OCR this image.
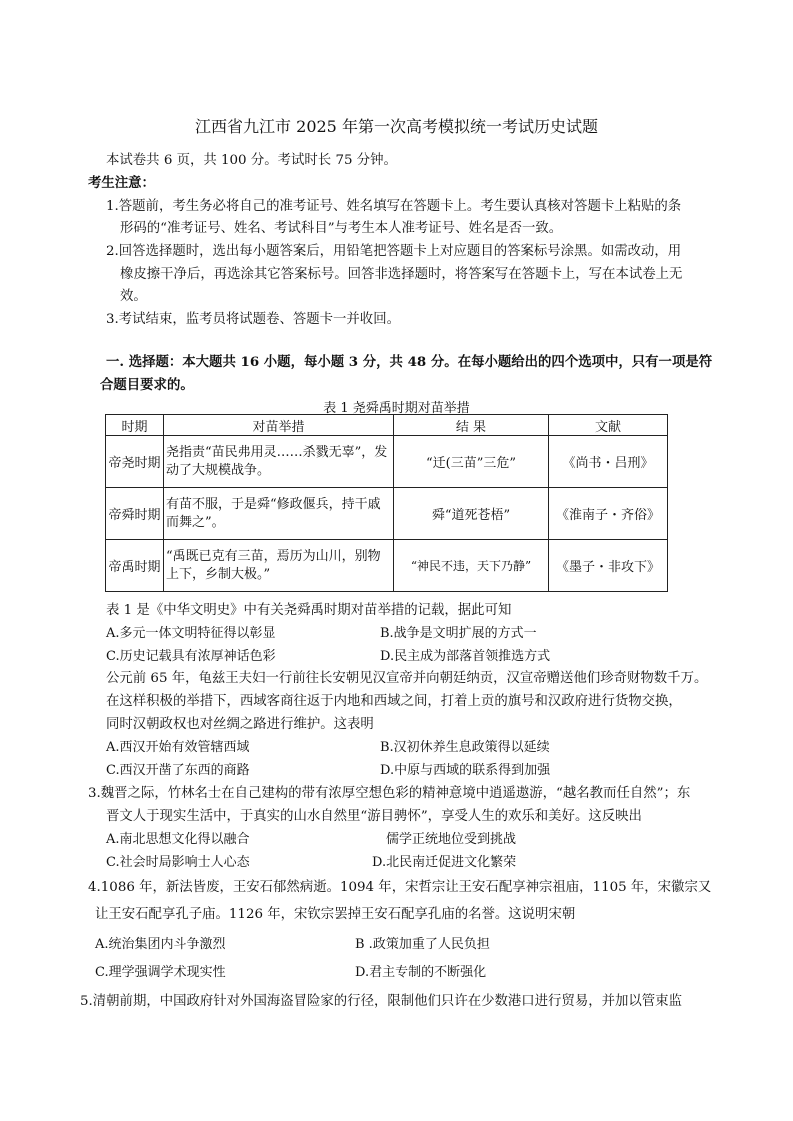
江西省九江市 2025 年第一次高考模拟统一考试历史试题
本试卷共 6 页，共 100 分。考试时长 75 分钟。
考生注意：
1.答题前，考生务必将自己的准考证号、姓名填写在答题卡上。考生要认真核对答题卡上粘贴的条
形码的“准考证号、姓名、考试科目”与考生本人准考证号、姓名是否一致。
2.回答选择题时，选出每小题答案后，用铅笔把答题卡上对应题目的答案标号涂黑。如需改动，用
橡皮擦干净后，再选涂其它答案标号。回答非选择题时，将答案写在答题卡上，写在本试卷上无
效。
3.考试结束，监考员将试题卷、答题卡一并收回。
一. 选择题：本大题共 16 小题，每小题 3 分，共 48 分。在每小题给出的四个选项中，只有一项是符
合题目要求的。
表 1 尧舜禹时期对苗举措
时期	对苗举措	结 果	文献
帝尧时期	尧指责“苗民弗用灵……杀戮无辜”，发动了大规模战争。	“迁(三苗”三危”	《尚书・吕刑》
帝舜时期	有苗不服，于是舜“修政偃兵，持干戚而舞之”。	舜“道死苍梧”	《淮南子・齐俗》
帝禹时期	“禹既已克有三苗，焉历为山川，别物上下，乡制大极。”	“神民不违，天下乃静”	《墨子・非攻下》
表 1 是《中华文明史》中有关尧舜禹时期对苗举措的记载，据此可知
A.多元一体文明特征得以彰显	B.战争是文明扩展的方式一
C.历史记载具有浓厚神话色彩	D.民主成为部落首领推选方式
公元前 65 年，龟兹王夫妇一行前往长安朝见汉宣帝并向朝廷纳贡，汉宣帝赠送他们珍奇财物数千万。
在这样积极的举措下，西域客商往返于内地和西域之间，打着上贡的旗号和汉政府进行货物交换，
同时汉朝政权也对丝绸之路进行维护。这表明
A.西汉开始有效管辖西域	B.汉初休养生息政策得以延续
C.西汉开凿了东西的商路	D.中原与西域的联系得到加强
3.魏晋之际，竹林名士在自己建构的带有浓厚空想色彩的精神意境中逍遥遨游，“越名教而任自然”；东
晋文人于现实生活中，于真实的山水自然里“游目骋怀”，享受人生的欢乐和美好。这反映出
A.南北思想文化得以融合	儒学正统地位受到挑战
C.社会时局影响士人心态	D.北民南迁促进文化繁荣
4.1086 年，新法皆废，王安石郁然病逝。1094 年，宋哲宗让王安石配享神宗祖庙，1105 年，宋徽宗又
让王安石配享孔子庙。1126 年，宋钦宗罢掉王安石配享孔庙的名誉。这说明宋朝
A.统治集团内斗争激烈	B .政策加重了人民负担
C.理学强调学术现实性	D.君主专制的不断强化
5.清朝前期，中国政府针对外国海盗冒险家的行径，限制他们只许在少数港口进行贸易，并加以管束监
